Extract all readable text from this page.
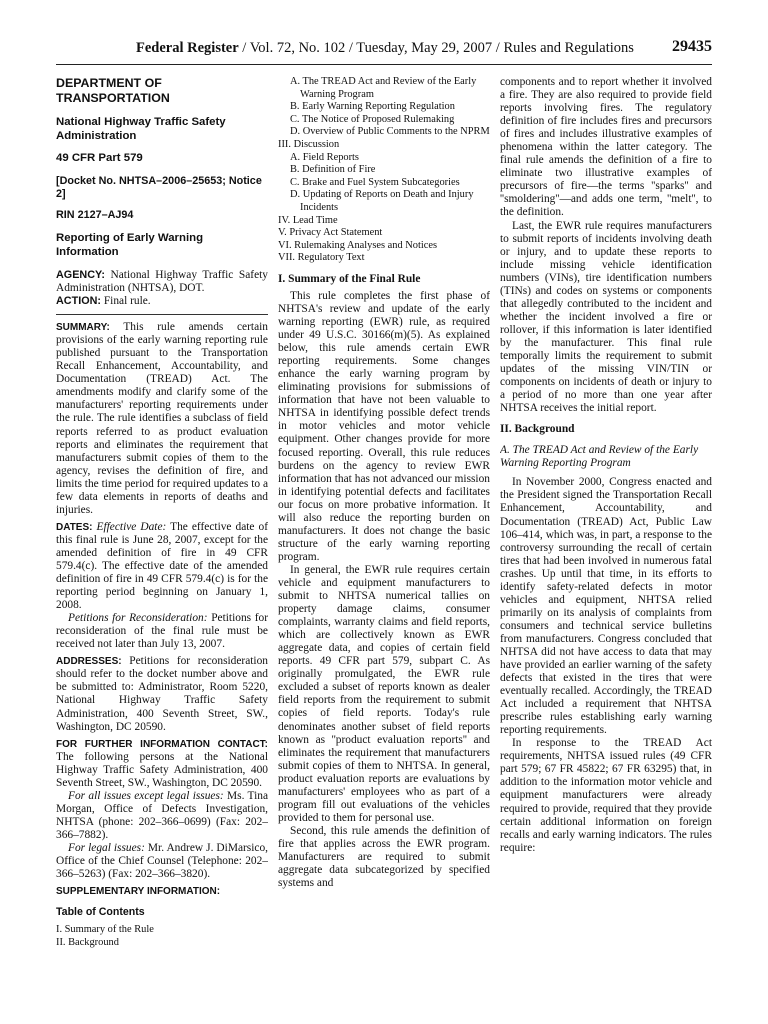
Federal Register / Vol. 72, No. 102 / Tuesday, May 29, 2007 / Rules and Regulations 29435
DEPARTMENT OF TRANSPORTATION
National Highway Traffic Safety Administration
49 CFR Part 579
[Docket No. NHTSA–2006–25653; Notice 2]
RIN 2127–AJ94
Reporting of Early Warning Information

AGENCY: National Highway Traffic Safety Administration (NHTSA), DOT.

ACTION: Final rule.

SUMMARY: This rule amends certain provisions of the early warning reporting rule published pursuant to the Transportation Recall Enhancement, Accountability, and Documentation (TREAD) Act. The amendments modify and clarify some of the manufacturers' reporting requirements under the rule. The rule identifies a subclass of field reports referred to as product evaluation reports and eliminates the requirement that manufacturers submit copies of them to the agency, revises the definition of fire, and limits the time period for required updates to a few data elements in reports of deaths and injuries.

DATES: Effective Date: The effective date of this final rule is June 28, 2007, except for the amended definition of fire in 49 CFR 579.4(c). The effective date of the amended definition of fire in 49 CFR 579.4(c) is for the reporting period beginning on January 1, 2008.

Petitions for Reconsideration: Petitions for reconsideration of the final rule must be received not later than July 13, 2007.

ADDRESSES: Petitions for reconsideration should refer to the docket number above and be submitted to: Administrator, Room 5220, National Highway Traffic Safety Administration, 400 Seventh Street, SW., Washington, DC 20590.

FOR FURTHER INFORMATION CONTACT: The following persons at the National Highway Traffic Safety Administration, 400 Seventh Street, SW., Washington, DC 20590.

For all issues except legal issues: Ms. Tina Morgan, Office of Defects Investigation, NHTSA (phone: 202–366–0699) (Fax: 202–366–7882).

For legal issues: Mr. Andrew J. DiMarsico, Office of the Chief Counsel (Telephone: 202–366–5263) (Fax: 202–366–3820).

SUPPLEMENTARY INFORMATION:
Table of Contents
I. Summary of the Rule
II. Background
A. The TREAD Act and Review of the Early Warning Program
B. Early Warning Reporting Regulation
C. The Notice of Proposed Rulemaking
D. Overview of Public Comments to the NPRM
III. Discussion
A. Field Reports
B. Definition of Fire
C. Brake and Fuel System Subcategories
D. Updating of Reports on Death and Injury Incidents
IV. Lead Time
V. Privacy Act Statement
VI. Rulemaking Analyses and Notices
VII. Regulatory Text
I. Summary of the Final Rule

This rule completes the first phase of NHTSA's review and update of the early warning reporting (EWR) rule, as required under 49 U.S.C. 30166(m)(5). As explained below, this rule amends certain EWR reporting requirements. Some changes enhance the early warning program by eliminating provisions for submissions of information that have not been valuable to NHTSA in identifying possible defect trends in motor vehicles and motor vehicle equipment. Other changes provide for more focused reporting. Overall, this rule reduces burdens on the agency to review EWR information that has not advanced our mission in identifying potential defects and facilitates our focus on more probative information. It will also reduce the reporting burden on manufacturers. It does not change the basic structure of the early warning reporting program.

In general, the EWR rule requires certain vehicle and equipment manufacturers to submit to NHTSA numerical tallies on property damage claims, consumer complaints, warranty claims and field reports, which are collectively known as EWR aggregate data, and copies of certain field reports. 49 CFR part 579, subpart C. As originally promulgated, the EWR rule excluded a subset of reports known as dealer field reports from the requirement to submit copies of field reports. Today's rule denominates another subset of field reports known as ''product evaluation reports'' and eliminates the requirement that manufacturers submit copies of them to NHTSA. In general, product evaluation reports are evaluations by manufacturers' employees who as part of a program fill out evaluations of the vehicles provided to them for personal use.

Second, this rule amends the definition of fire that applies across the EWR program. Manufacturers are required to submit aggregate data subcategorized by specified systems and

components and to report whether it involved a fire. They are also required to provide field reports involving fires. The regulatory definition of fire includes fires and precursors of fires and includes illustrative examples of phenomena within the latter category. The final rule amends the definition of a fire to eliminate two illustrative examples of precursors of fire—the terms ''sparks'' and ''smoldering''—and adds one term, ''melt'', to the definition.

Last, the EWR rule requires manufacturers to submit reports of incidents involving death or injury, and to update these reports to include missing vehicle identification numbers (VINs), tire identification numbers (TINs) and codes on systems or components that allegedly contributed to the incident and whether the incident involved a fire or rollover, if this information is later identified by the manufacturer. This final rule temporally limits the requirement to submit updates of the missing VIN/TIN or components on incidents of death or injury to a period of no more than one year after NHTSA receives the initial report.

II. Background
A. The TREAD Act and Review of the Early Warning Reporting Program

In November 2000, Congress enacted and the President signed the Transportation Recall Enhancement, Accountability, and Documentation (TREAD) Act, Public Law 106–414, which was, in part, a response to the controversy surrounding the recall of certain tires that had been involved in numerous fatal crashes. Up until that time, in its efforts to identify safety-related defects in motor vehicles and equipment, NHTSA relied primarily on its analysis of complaints from consumers and technical service bulletins from manufacturers. Congress concluded that NHTSA did not have access to data that may have provided an earlier warning of the safety defects that existed in the tires that were eventually recalled. Accordingly, the TREAD Act included a requirement that NHTSA prescribe rules establishing early warning reporting requirements.

In response to the TREAD Act requirements, NHTSA issued rules (49 CFR part 579; 67 FR 45822; 67 FR 63295) that, in addition to the information motor vehicle and equipment manufacturers were already required to provide, required that they provide certain additional information on foreign recalls and early warning indicators. The rules require:
